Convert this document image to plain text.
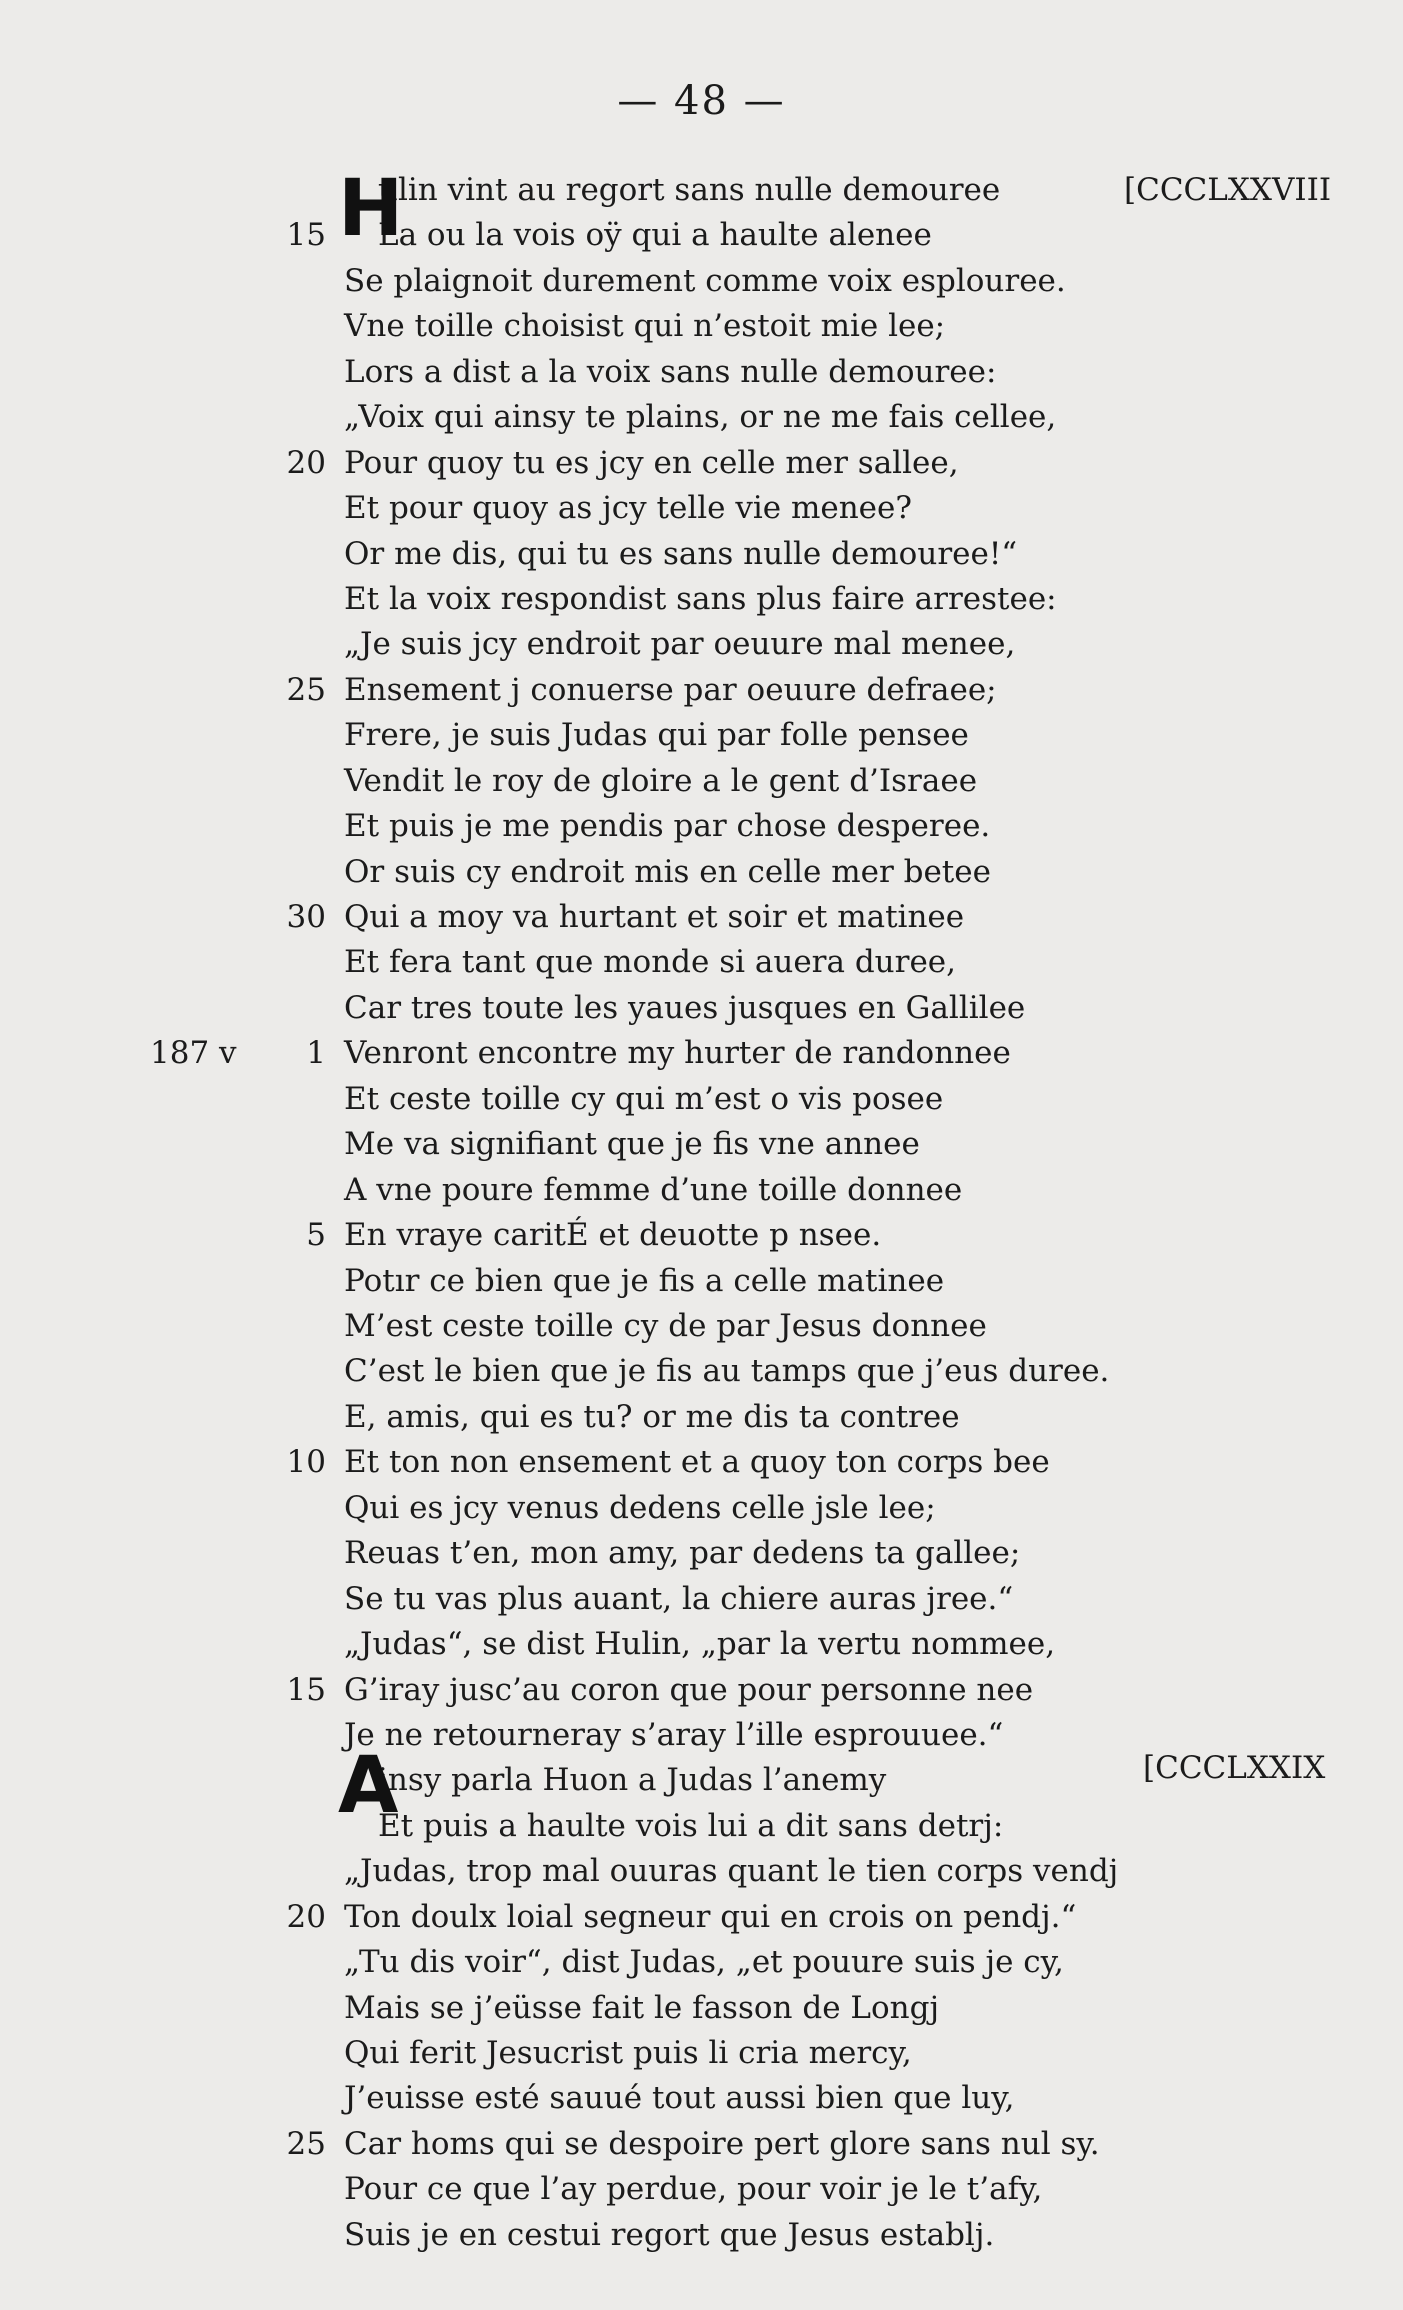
— 48 —
ulin vint au regort sans nulle demouree
15 La ou la vois oÿ qui a haulte alenee
Se plaignoit durement comme voix esplouree.
Vne toille choisist qui n’estoit mie lee;
Lors a dist a la voix sans nulle demouree:
„Voix qui ainsy te plains, or ne me fais cellee,
20 Pour quoy tu es jcy en celle mer sallee,
Et pour quoy as jcy telle vie menee?
Or me dis, qui tu es sans nulle demouree!“
Et la voix respondist sans plus faire arrestee:
„Je suis jcy endroit par oeuure mal menee,
25 Ensement j conuerse par oeuure defraee;
Frere, je suis Judas qui par folle pensee
Vendit le roy de gloire a le gent d’Israee
Et puis je me pendis par chose desperee.
Or suis cy endroit mis en celle mer betee
30 Qui a moy va hurtant et soir et matinee
Et fera tant que monde si auera duree,
Car tres toute les yaues jusques en Gallilee
187 v	1 Venront encontre my hurter de randonnee
Et ceste toille cy qui m’est o vis posee
Me va signifiant que je fis vne annee
A vne poure femme d’une toille donnee
5 En vraye caritÉ et deuotte p nsee.
Potır ce bien que je fis a celle matinee
M’est ceste toille cy de par Jesus donnee
C’est le bien que je fis au tamps que j’eus duree.
E, amis, qui es tu? or me dis ta contree
10 Et ton non ensement et a quoy ton corps bee
Qui es jcy venus dedens celle jsle lee;
Reuas t’en, mon amy, par dedens ta gallee;
Se tu vas plus auant, la chiere auras jree.“
„Judas“, se dist Hulin, „par la vertu nommee,
15 G’iray jusc’au coron que pour personne nee
Je ne retourneray s’aray l’ille esprouuee.“
insy parla Huon a Judas l’anemy
Et puis a haulte vois lui a dit sans detrj:
„Judas, trop mal ouuras quant le tien corps vendj
20 Ton doulx loial segneur qui en crois on pendj.“
„Tu dis voir“, dist Judas, „et pouure suis je cy,
Mais se j’eüsse fait le fasson de Longj
Qui ferit Jesucrist puis li cria mercy,
J’euisse esté sauué tout aussi bien que luy,
25 Car homs qui se despoire pert glore sans nul sy.
Pour ce que l’ay perdue, pour voir je le t’afy,
Suis je en cestui regort que Jesus establj.
H
A
[CCCLXXVIII
[CCCLXXIX
